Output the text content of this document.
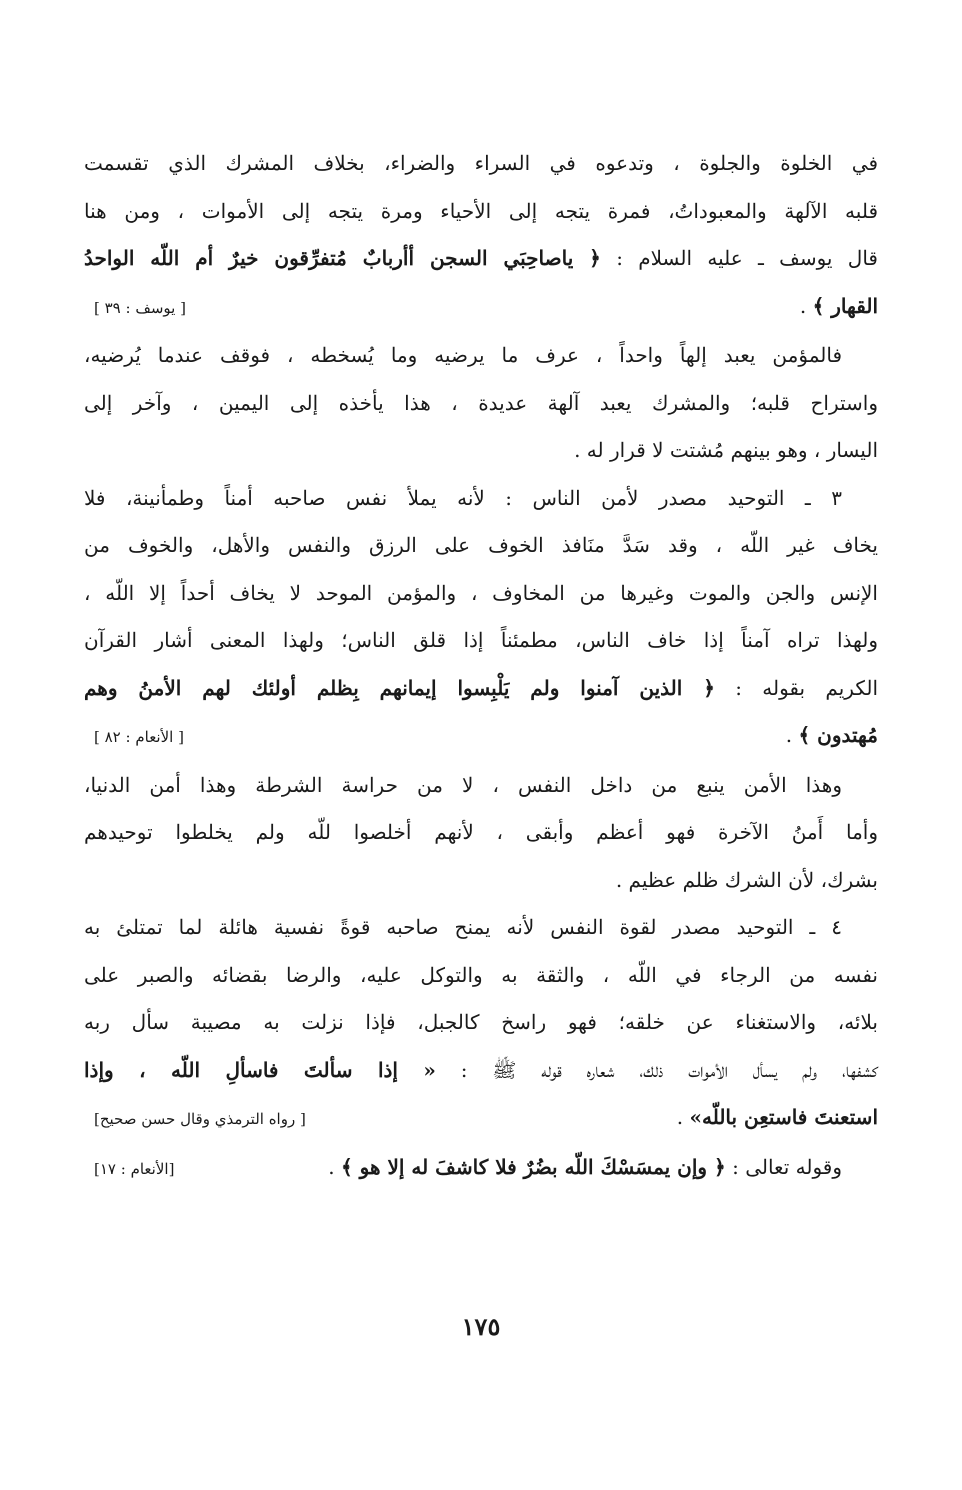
في الخلوة والجلوة ، وتدعوه في السراء والضراء، بخلاف المشرك الذي تقسمت
قلبه الآلهة والمعبوداتُ، فمرة يتجه إلى الأحياء ومرة يتجه إلى الأموات ، ومن هنا
قال يوسف ـ عليه السلام : ﴿ ياصاحِبَي السجن أأربابٌ مُتفرِّقون خيرٌ أم اللّه الواحدُ
القهار ﴾ .
[ يوسف : ٣٩ ]
فالمؤمن يعبد إلهاً واحداً ، عرف ما يرضيه وما يُسخطه ، فوقف عندما يُرضيه،
واستراح قلبه؛ والمشرك يعبد آلهة عديدة ، هذا يأخذه إلى اليمين ، وآخر إلى
اليسار ، وهو بينهم مُشتت لا قرار له .
٣ ـ التوحيد مصدر لأمن الناس : لأنه يملأ نفس صاحبه أمناً وطمأنينة، فلا
يخاف غير اللّه ، وقد سَدَّ منَافذ الخوف على الرزق والنفس والأهل، والخوف من
الإنس والجن والموت وغيرها من المخاوف ، والمؤمن الموحد لا يخاف أحداً إلا اللّه ،
ولهذا تراه آمناً إذا خاف الناس، مطمئناً إذا قلق الناس؛ ولهذا المعنى أشار القرآن
الكريم بقوله : ﴿ الذين آمنوا ولم يَلْبِسوا إيمانهم بِظلم أولئك لهم الأمنُ وهم
مُهتدون ﴾ .
[ الأنعام : ٨٢ ]
وهذا الأمن ينبع من داخل النفس ، لا من حراسة الشرطة وهذا أمن الدنيا،
وأما أَمنُ الآخرة فهو أعظم وأبقى ، لأنهم أخلصوا للّه ولم يخلطوا توحيدهم
بشرك، لأن الشرك ظلم عظيم .
٤ ـ التوحيد مصدر لقوة النفس لأنه يمنح صاحبه قوةً نفسية هائلة لما تمتلئ به
نفسه من الرجاء في اللّه ، والثقة به والتوكل عليه، والرضا بقضائه والصبر على
بلائه، والاستغناء عن خلقه؛ فهو راسخ كالجبل، فإذا نزلت به مصيبة سأل ربه
كشفها، ولم يسأل الأموات ذلك، شعاره قوله ﷺ : « إذا سألتَ فاسألِ اللّه ، وإذا
استعنتَ فاستعِن باللّه» .
[ رواه الترمذي وقال حسن صحيح]
وقوله تعالى : ﴿ وإن يمسَسْكَ اللّه بضُرٌ فلا كاشفَ له إلا هو ﴾ .
[الأنعام : ١٧]
١٧٥
